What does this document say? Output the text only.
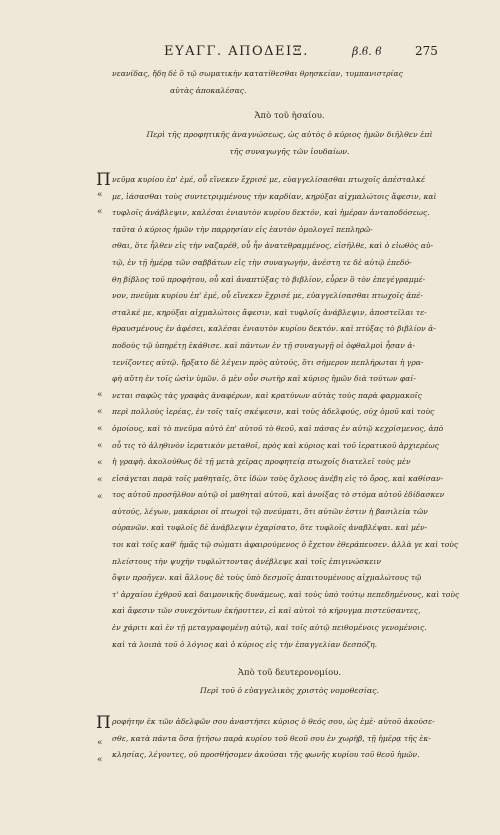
ΕΥΑΓΓ. ΑΠΟΔΕΙΞ.	β.ϐ. ϐ	275
νεανίδας, ἤδη δὲ ὃ τῷ σωματικὴν κατατίθεσθαι θρησκείαν, τυμπανιστρίας
αὐτὰς ἀποκαλέσας.
Ἀπὸ τοῦ ἠσαίου.
Περὶ τῆς προφητικῆς ἀναγνώσεως, ὡς αὐτὸς ὁ κύριος ἡμῶν διῆλθεν ἐπὶ
τῆς συναγωγῆς τῶν ἰουδαίων.
Π νεῦμα κυρίου ἐπ' ἐμέ, οὗ εἵνεκεν ἔχρισέ με, εὐαγγελίσασθαι πτωχοῖς ἀπέσταλκέ
με, ἰάσασθαι τοὺς συντετριμμένους τὴν καρδίαν, κηρύξαι αἰχμαλώτοις ἄφεσιν, καὶ
τυφλοῖς ἀνάβλεψιν, καλέσαι ἐνιαυτὸν κυρίου δεκτόν, καὶ ἡμέραν ἀνταποδόσεως.
ταῦτα ὁ κύριος ἡμῶν τὴν παρρησίαν εἰς ἑαυτὸν ὁμολογεῖ πεπληρῶ-
σθαι, ὅτε ἦλθεν εἰς τὴν ναζαρέθ, οὗ ἦν ἀνατεθραμμένος, εἰσῆλθε, καὶ ὁ εἰωθὸς αὐ-
τῷ, ἐν τῇ ἡμέρᾳ τῶν σαββάτων εἰς τὴν συναγωγήν, ἀνέστη τε δὲ αὐτῷ ἐπεδό-
θη βίβλος τοῦ προφήτου, οὗ καὶ ἀναπτύξας τὸ βιβλίον, εὗρεν ὃ τὸν ἐπεγέγραμμέ-
νον, πνεῦμα κυρίου ἐπ' ἐμέ, οὗ εἵνεκεν ἔχρισέ με, εὐαγγελίσασθαι πτωχοῖς ἀπέ-
σταλκέ με, κηρύξαι αἰχμαλώτοις ἄφεσιν, καὶ τυφλοῖς ἀνάβλεψιν, ἀποστεῖλαι τε-
θραυσμένους ἐν ἀφέσει, καλέσαι ἐνιαυτὸν κυρίου δεκτόν. καὶ πτύξας τὸ βιβλίον ἀ-
ποδοὺς τῷ ὑπηρέτῃ ἐκάθισε. καὶ πάντων ἐν τῇ συναγωγῇ οἱ ὀφθαλμοὶ ἦσαν ἀ-
τενίζοντες αὐτῷ. ἤρξατο δὲ λέγειν πρὸς αὐτούς, ὅτι σήμερον πεπλήρωται ἡ γρα-
φὴ αὕτη ἐν τοῖς ὠσὶν ὑμῶν. ὁ μὲν οὖν σωτὴρ καὶ κύριος ἡμῶν διὰ τούτων φαί-
νεται σαφῶς τὰς γραφὰς ἀναφέρων, καὶ κρατύνων αὐτὰς τοὺς παρὰ φαρμακοῖς
περὶ πολλοὺς ἱερέας, ἐν τοῖς ταῖς σκέψεσιν, καὶ τοὺς ἀδελφούς, οὐχ ὁμοῦ καὶ τοὺς
ὁμοίους, καὶ τὸ πνεῦμα αὐτὸ ἐπ' αὐτοῦ τὸ θεοῦ, καὶ πάσας ἐν αὐτῷ κεχρίσμενος, ἀπὸ
οὗ τις τὸ ἀληθινὸν ἱερατικὸν μεταθοῖ, πρὸς καὶ κύριος καὶ τοῦ ἱερατικοῦ ἀρχιερέως
ἡ γραφὴ. ἀκολούθως δὲ τῇ μετὰ χεῖρας προφητείᾳ πτωχοῖς διατελεῖ τοὺς μὲν
εἰσάγεται παρὰ τοῖς μαθηταῖς, ὅτε ἰδὼν τοὺς ὄχλους ἀνέβη εἰς τὸ ὄρος, καὶ καθίσαν-
τος αὐτοῦ προσῆλθον αὐτῷ οἱ μαθηταὶ αὐτοῦ, καὶ ἀνοίξας τὸ στόμα αὐτοῦ ἐδίδασκεν
αὐτούς, λέγων, μακάριοι οἱ πτωχοὶ τῷ πνεύματι, ὅτι αὐτῶν ἐστιν ἡ βασιλεία τῶν
οὐρανῶν. καὶ τυφλοῖς δὲ ἀνάβλεψιν ἐχαρίσατο, ὅτε τυφλοῖς ἀναβλέψαι. καὶ μέν-
τοι καὶ τοῖς καθ' ἡμᾶς τῷ σώματι ἀφαιρούμενος ὁ ἔχετον ἐθεράπευσεν. ἀλλὰ γε καὶ τοὺς
πλείστους τὴν ψυχὴν τυφλώττοντας ἀνέβλεψε καὶ τοῖς ἐπιγινώσκειν
ὄψιν προῆγεν. καὶ ἄλλους δὲ τοὺς ὑπὸ δεσμοῖς ἀπαιτουμένους αἰχμαλώτους τῷ
τ' ἀρχαίου ἐχθροῦ καὶ δαιμονικῆς δυνάμεως, καὶ τοὺς ὑπὸ τούτῳ πεπεδημένους, καὶ τοὺς
καὶ ἄφεσιν τῶν συνεχόντων ἐκήρυττεν, εἰ καὶ αὐτοὶ τὸ κήρυγμα πιστεύσαντες,
ἐν χάριτι καὶ ἐν τῇ μεταγραφομένῃ αὐτῷ, καὶ τοῖς αὐτῷ πειθομένοις γενομένοις.
καὶ τὰ λοιπὰ τοῦ ὁ λόγιος καὶ ὁ κύριος εἰς τὴν ἐπαγγελίαν δεσπόζη.
«
«
«
«
«
«
«
«
«
Ἀπὸ τοῦ δευτερονομίου.
Περὶ τοῦ ὁ εὐαγγελικὸς χριστὸς νομοθεσίας.
Π ροφήτην ἐκ τῶν ἀδελφῶν σου ἀναστήσει κύριος ὁ θεός σου, ὡς ἐμὲ· αὐτοῦ ἀκούσε-
σθε, κατὰ πάντα ὅσα ᾐτήσω παρὰ κυρίου τοῦ θεοῦ σου ἐν χωρὴβ, τῇ ἡμέρᾳ τῆς ἐκ-
κλησίας, λέγοντες, οὐ προσθήσομεν ἀκούσαι τῆς φωνῆς κυρίου τοῦ θεοῦ ἡμῶν.
«
«
